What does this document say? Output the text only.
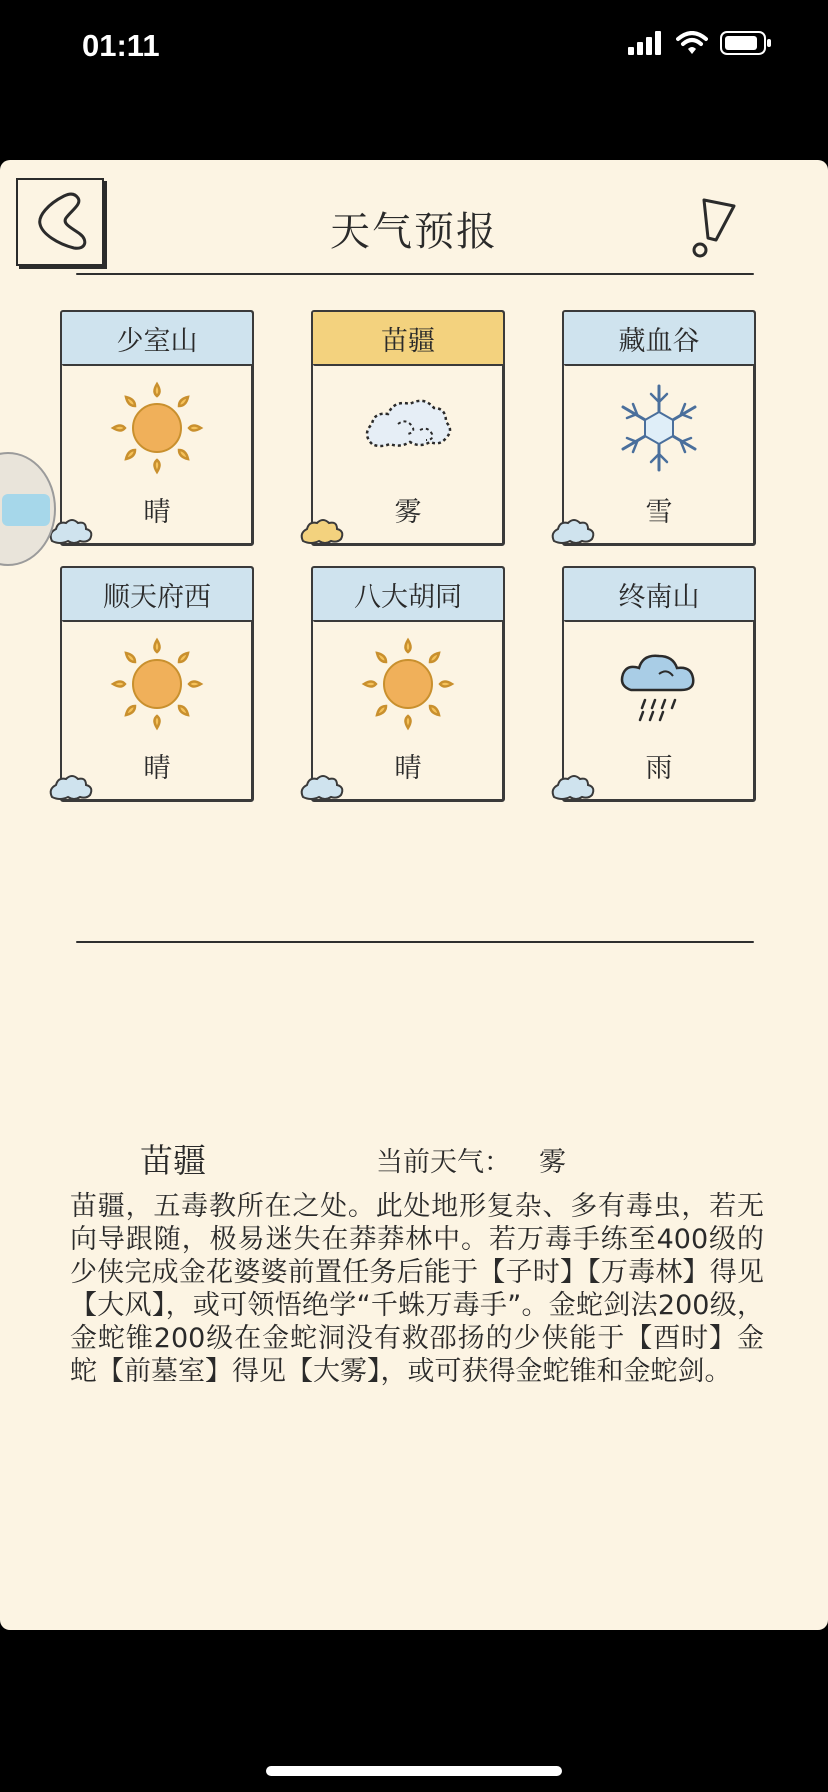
01:11
天气预报
少室山
晴
苗疆
雾
藏血谷
雪
顺天府西
晴
八大胡同
晴
终南山
雨
苗疆	当前天气： 雾
苗疆，五毒教所在之处。此处地形复杂、多有毒虫，若无向导跟随，极易迷失在莽莽林中。若万毒手练至400级的少侠完成金花婆婆前置任务后能于【子时】【万毒林】得见【大风】，或可领悟绝学“千蛛万毒手”。金蛇剑法200级，金蛇锥200级在金蛇洞没有救邵扬的少侠能于【酉时】金蛇【前墓室】得见【大雾】，或可获得金蛇锥和金蛇剑。
